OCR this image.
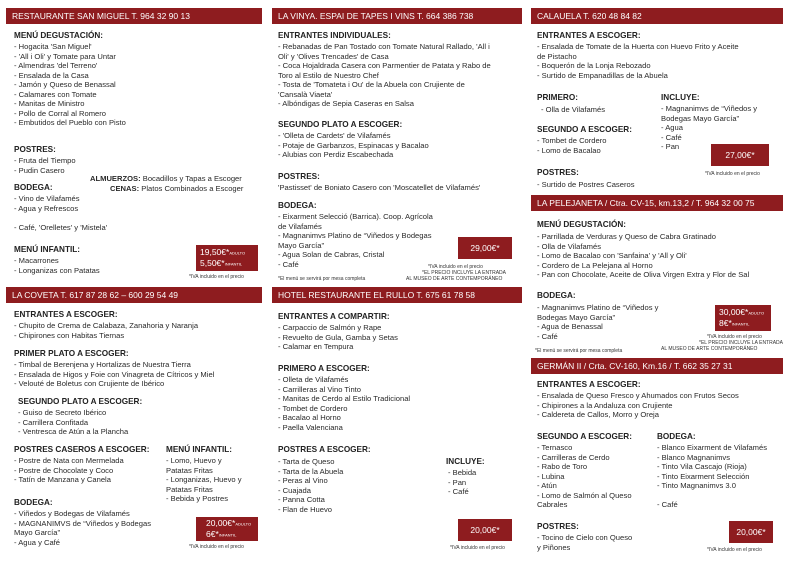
RESTAURANTE SAN MIGUEL T. 964 32 90 13
MENÚ DEGUSTACIÓN:
- Hogacita 'San Miguel'
- 'All i Oli' y Tomate para Untar
- Almendras 'del Terreno'
- Ensalada de la Casa
- Jamón y Queso de Benassal
- Calamares con Tomate
- Manitas de Ministro
- Pollo de Corral al Romero
- Embutidos del Pueblo con Pisto
POSTRES:
- Fruta del Tiempo
- Pudin Casero
ALMUERZOS: Bocadillos y Tapas a Escoger
CENAS: Platos Combinados a Escoger
BODEGA:
- Vino de Vilafamés
- Agua y Refrescos
- Café, 'Orelletes' y 'Mistela'
MENÚ INFANTIL:
- Macarrones
- Longanizas con Patatas
19,50€*ADULTO
5,50€*INFANTIL
*IVA incluido en el precio
LA COVETA T. 617 87 28 62 – 600 29 54 49
ENTRANTES A ESCOGER:
- Chupito de Crema de Calabaza, Zanahoria y Naranja
- Chipirones con Habitas Tiernas
PRIMER PLATO A ESCOGER:
- Timbal de Berenjena y Hortalizas de Nuestra Tierra
- Ensalada de Higos y Foie con Vinagreta de Cítricos y Miel
- Velouté de Boletus con Crujiente de Ibérico
SEGUNDO PLATO A ESCOGER:
- Guiso de Secreto Ibérico
- Carrillera Confitada
- Ventresca de Atún a la Plancha
POSTRES CASEROS A ESCOGER:
- Postre de Nata con Mermelada
- Postre de Chocolate y Coco
- Tatín de Manzana y Canela
MENÚ INFANTIL:
- Lomo, Huevo y
Patatas Fritas
- Longanizas, Huevo y
Patatas Fritas
- Bebida y Postres
BODEGA:
- Viñedos y Bodegas de Vilafamés
- MAGNANIMVS de “Viñedos y Bodegas
Mayo García”
- Agua y Café
20,00€*ADULTO
6€*INFANTIL
*IVA incluido en el precio
LA VINYA. ESPAI DE TAPES I VINS T. 664 386 738
ENTRANTES INDIVIDUALES:
- Rebanadas de Pan Tostado con Tomate Natural Rallado, 'All i
Oli' y 'Olives Trencades' de Casa
- Coca Hojaldrada Casera con Parmentier de Patata y Rabo de
Toro al Estilo de Nuestro Chef
- Tosta de 'Tomateta i Ou' de la Abuela con Crujiente de
'Cansalà Viaeta'
- Albóndigas de Sepia Caseras en Salsa
SEGUNDO PLATO A ESCOGER:
- 'Olleta de Cardets' de Vilafamés
- Potaje de Garbanzos, Espinacas y Bacalao
- Alubias con Perdiz Escabechada
POSTRES:
'Pastisset' de Boniato Casero con 'Moscatellet de Vilafamés'
BODEGA:
- Eixarment Selecció (Barrica). Coop. Agrícola
de Vilafamés
- Magnanimvs Platino de “Viñedos y Bodegas
Mayo García”
- Agua Solan de Cabras, Cristal
- Café
29,00€*
*El menú se servirá por mesa completa
*IVA incluido en el precio
*EL PRECIO INCLUYE LA ENTRADA
AL MUSEO DE ARTE CONTEMPORÁNEO
HOTEL RESTAURANTE EL RULLO T. 675 61 78 58
ENTRANTES A COMPARTIR:
- Carpaccio de Salmón y Rape
- Revuelto de Gula, Gamba y Setas
- Calamar en Tempura
PRIMERO A ESCOGER:
- Olleta de Vilafamés
- Carrilleras al Vino Tinto
- Manitas de Cerdo al Estilo Tradicional
- Tombet de Cordero
- Bacalao al Horno
- Paella Valenciana
POSTRES A ESCOGER:
- Tarta de Queso
- Tarta de la Abuela
- Peras al Vino
- Cuajada
- Panna Cotta
- Flan de Huevo
INCLUYE:
- Bebida
- Pan
- Café
20,00€*
*IVA incluido en el precio
CALAUELA T. 620 48 84 82
ENTRANTES A ESCOGER:
- Ensalada de Tomate de la Huerta con Huevo Frito y Aceite
de Pistacho
- Boquerón de la Lonja Rebozado
- Surtido de Empanadillas de la Abuela
PRIMERO:
- Olla de Vilafamés
SEGUNDO A ESCOGER:
- Tombet de Cordero
- Lomo de Bacalao
INCLUYE:
- Magnanimvs de “Viñedos y
Bodegas Mayo García”
- Agua
- Café
- Pan
27,00€*
*IVA incluido en el precio
POSTRES:
- Surtido de Postres Caseros
LA PELEJANETA / Ctra. CV-15, km.13,2 / T. 964 32 00 75
MENÚ DEGUSTACIÓN:
- Parrillada de Verduras y Queso de Cabra Gratinado
- Olla de Vilafamés
- Lomo de Bacalao con 'Sanfaina' y 'All y Oli'
- Cordero de La Pelejana al Horno
- Pan con Chocolate, Aceite de Oliva Virgen Extra y Flor de Sal
BODEGA:
- Magnanimvs Platino de “Viñedos y
Bodegas Mayo García”
- Agua de Benassal
- Café
30,00€*ADULTO
8€*INFANTIL
*El menú se servirá por mesa completa
*IVA incluido en el precio
*EL PRECIO INCLUYE LA ENTRADA
AL MUSEO DE ARTE CONTEMPORÁNEO
GERMÁN II / Crta. CV-160, Km.16 / T. 662 35 27 31
ENTRANTES A ESCOGER:
- Ensalada de Queso Fresco y Ahumados con Frutos Secos
- Chipirones a la Andaluza con Crujiente
- Caldereta de Callos, Morro y Oreja
SEGUNDO A ESCOGER:
- Ternasco
- Carrilleras de Cerdo
- Rabo de Toro
- Lubina
- Atún
- Lomo de Salmón al Queso
Cabrales
BODEGA:
- Blanco Eixarment de Vilafamés
- Blanco Magnanimvs
- Tinto Vila Cascajo (Rioja)
- Tinto Eixarment Selección
- Tinto Magnanimvs 3.0
- Café
POSTRES:
- Tocino de Cielo con Queso
y Piñones
20,00€*
*IVA incluido en el precio
